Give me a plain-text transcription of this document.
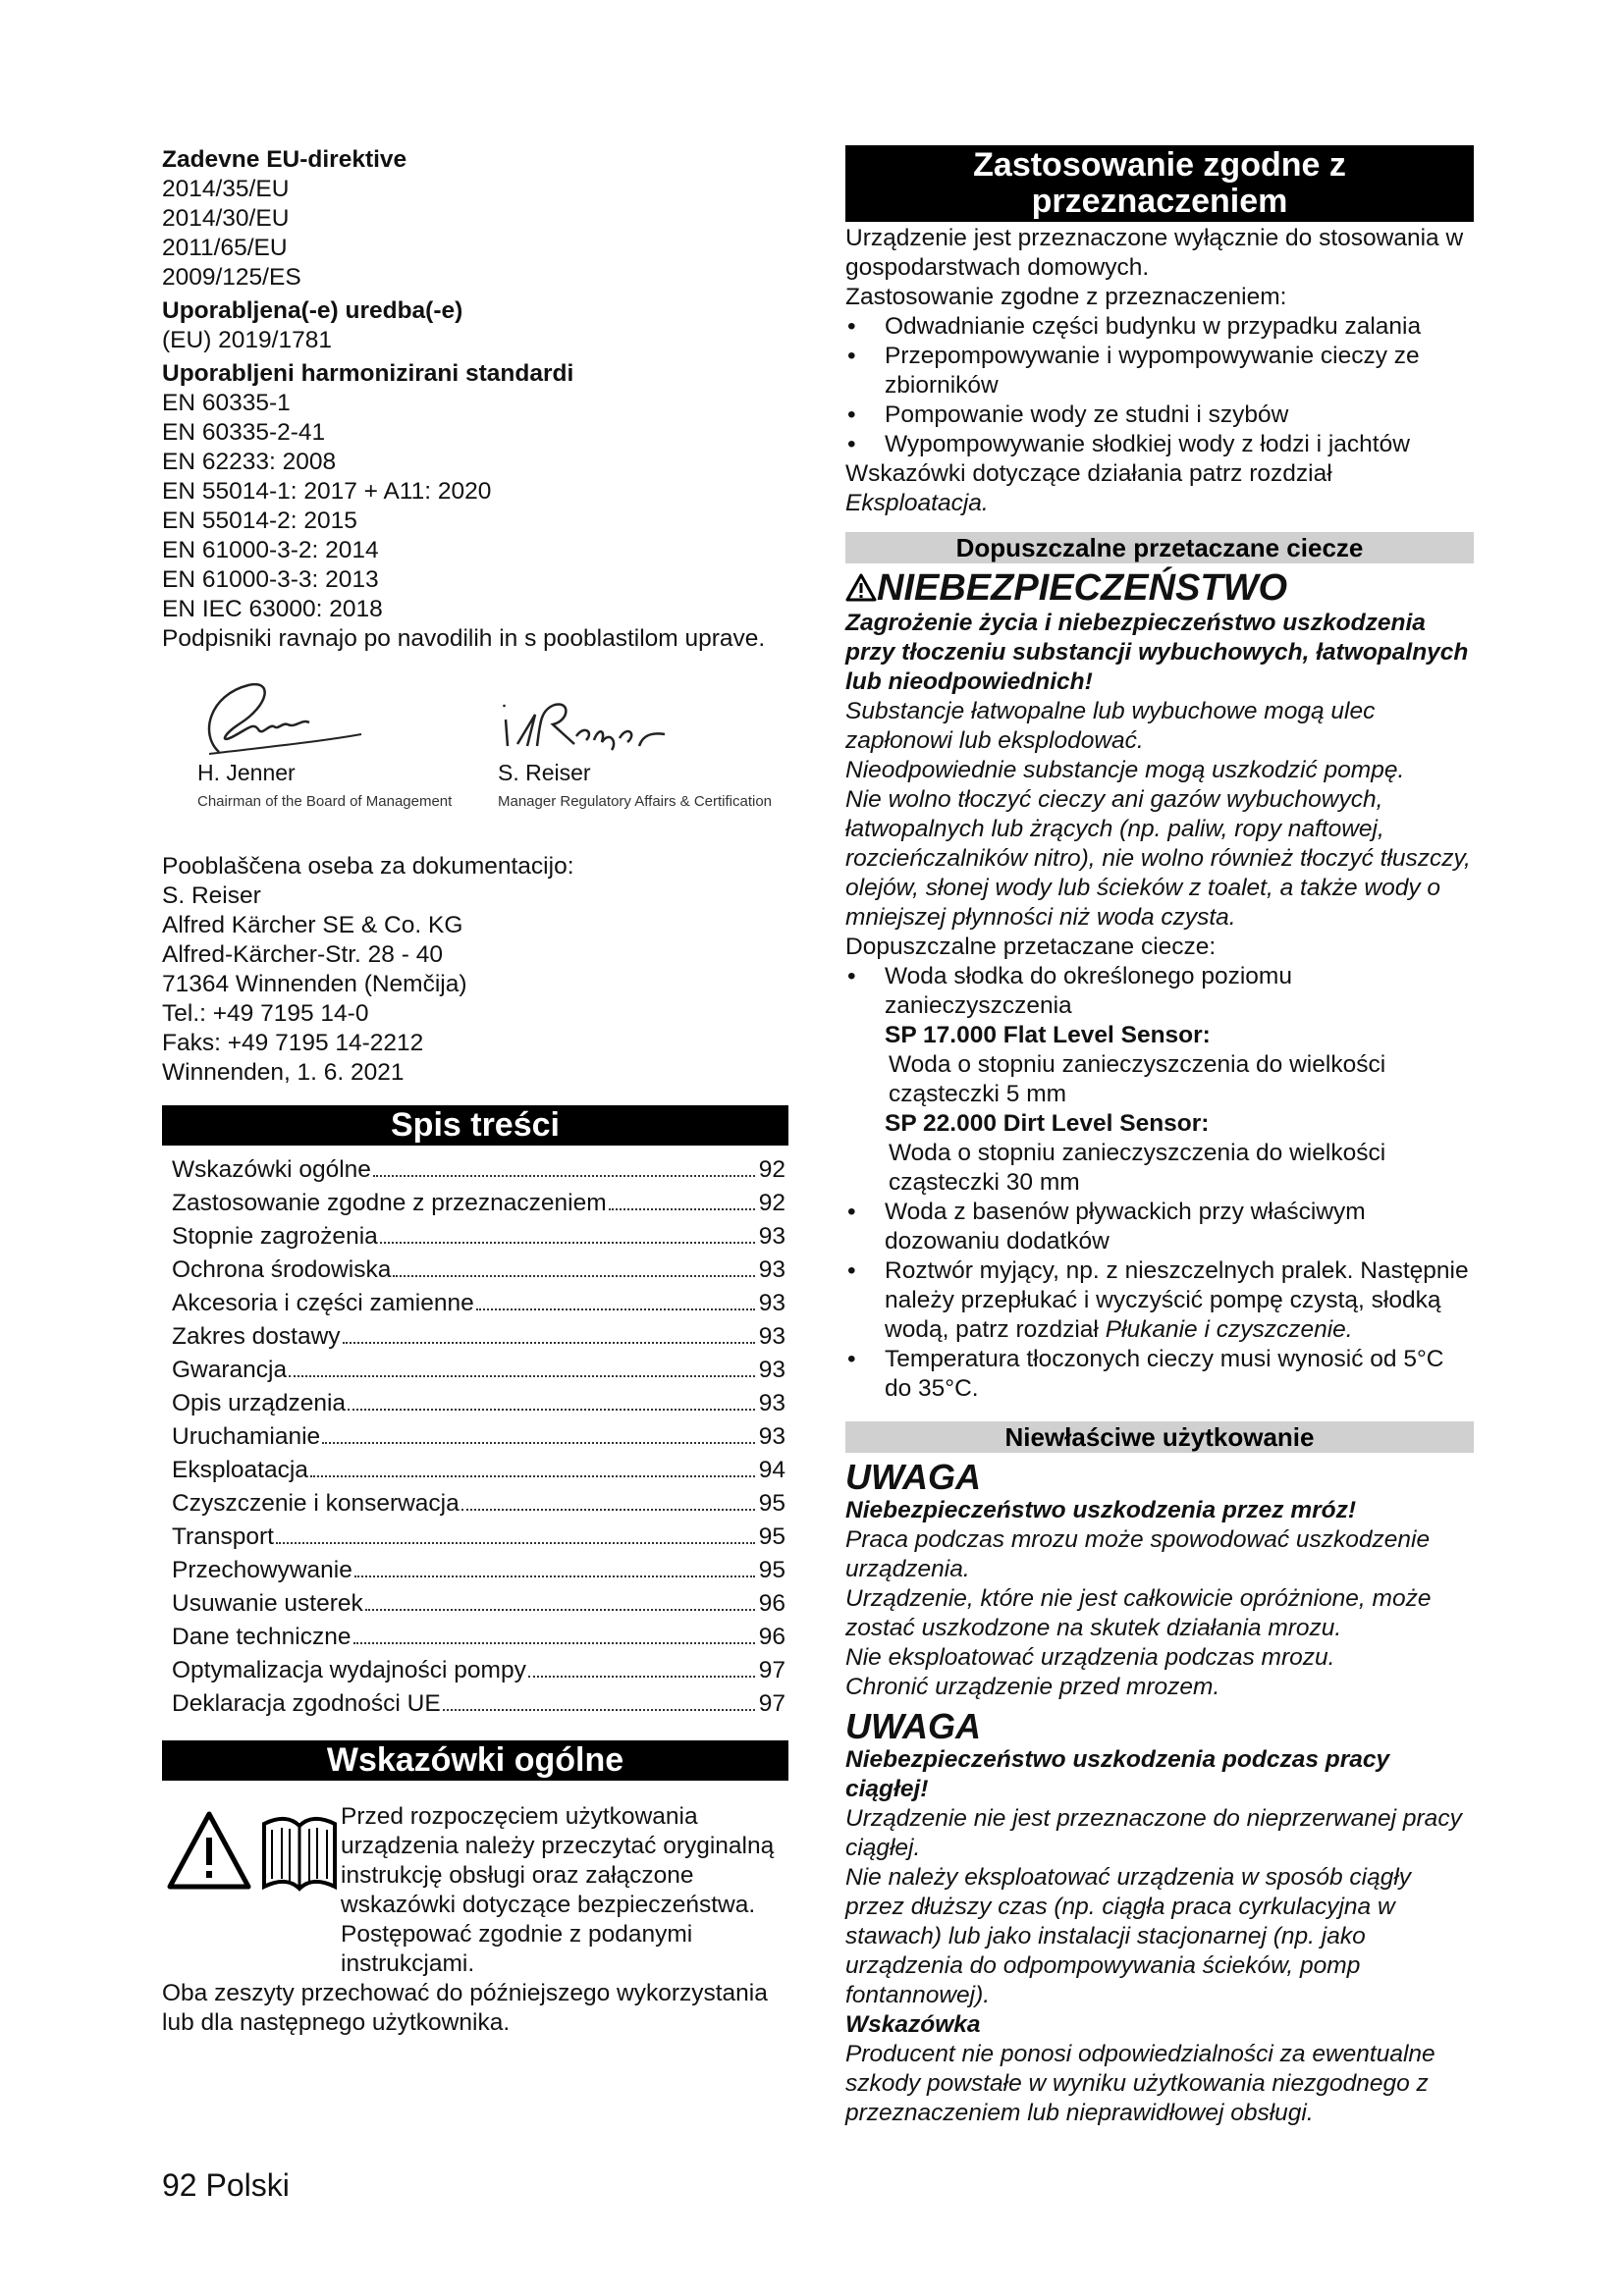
Zadevne EU-direktive

2014/35/EU

2014/30/EU

2011/65/EU

2009/125/ES

Uporabljena(-e) uredba(-e)

(EU) 2019/1781

Uporabljeni harmonizirani standardi

EN 60335-1

EN 60335-2-41

EN 62233: 2008

EN 55014-1: 2017 + A11: 2020

EN 55014-2: 2015

EN 61000-3-2: 2014

EN 61000-3-3: 2013

EN IEC 63000: 2018

Podpisniki ravnajo po navodilih in s pooblastilom uprave.

H. Jenner
Chairman of the Board of Management
S. Reiser
Manager Regulatory Affairs & Certification

Pooblaščena oseba za dokumentacijo:

S. Reiser

Alfred Kärcher SE & Co. KG

Alfred-Kärcher-Str. 28 - 40

71364 Winnenden (Nemčija)

Tel.: +49 7195 14-0

Faks: +49 7195 14-2212

Winnenden, 1. 6. 2021

Spis treści
Wskazówki ogólne	92
Zastosowanie zgodne z przeznaczeniem	92
Stopnie zagrożenia	93
Ochrona środowiska	93
Akcesoria i części zamienne	93
Zakres dostawy	93
Gwarancja	93
Opis urządzenia	93
Uruchamianie	93
Eksploatacja	94
Czyszczenie i konserwacja	95
Transport	95
Przechowywanie	95
Usuwanie usterek	96
Dane techniczne	96
Optymalizacja wydajności pompy	97
Deklaracja zgodności UE	97
Wskazówki ogólne

Przed rozpoczęciem użytkowania urządzenia należy przeczytać oryginalną instrukcję obsługi oraz załączone wskazówki dotyczące bezpieczeństwa. Postępować zgodnie z podanymi instrukcjami.

Oba zeszyty przechować do późniejszego wykorzystania lub dla następnego użytkownika.

Zastosowanie zgodne z przeznaczeniem

Urządzenie jest przeznaczone wyłącznie do stosowania w gospodarstwach domowych.

Zastosowanie zgodne z przeznaczeniem:

• Odwadnianie części budynku w przypadku zalania
• Przepompowywanie i wypompowywanie cieczy ze zbiorników
• Pompowanie wody ze studni i szybów
• Wypompowywanie słodkiej wody z łodzi i jachtów

Wskazówki dotyczące działania patrz rozdział Eksploatacja.

Dopuszczalne przetaczane ciecze
NIEBEZPIECZEŃSTWO

Zagrożenie życia i niebezpieczeństwo uszkodzenia przy tłoczeniu substancji wybuchowych, łatwopalnych lub nieodpowiednich!

Substancje łatwopalne lub wybuchowe mogą ulec zapłonowi lub eksplodować.

Nieodpowiednie substancje mogą uszkodzić pompę.

Nie wolno tłoczyć cieczy ani gazów wybuchowych, łatwopalnych lub żrących (np. paliw, ropy naftowej, rozcieńczalników nitro), nie wolno również tłoczyć tłuszczy, olejów, słonej wody lub ścieków z toalet, a także wody o mniejszej płynności niż woda czysta.

Dopuszczalne przetaczane ciecze:

• Woda słodka do określonego poziomu zanieczyszczenia

SP 17.000 Flat Level Sensor:

Woda o stopniu zanieczyszczenia do wielkości cząsteczki 5 mm

SP 22.000 Dirt Level Sensor:

Woda o stopniu zanieczyszczenia do wielkości cząsteczki 30 mm

• Woda z basenów pływackich przy właściwym dozowaniu dodatków
• Roztwór myjący, np. z nieszczelnych pralek. Następnie należy przepłukać i wyczyścić pompę czystą, słodką wodą, patrz rozdział Płukanie i czyszczenie.
• Temperatura tłoczonych cieczy musi wynosić od 5°C do 35°C.
Niewłaściwe użytkowanie
UWAGA

Niebezpieczeństwo uszkodzenia przez mróz!

Praca podczas mrozu może spowodować uszkodzenie urządzenia.

Urządzenie, które nie jest całkowicie opróżnione, może zostać uszkodzone na skutek działania mrozu.

Nie eksploatować urządzenia podczas mrozu.

Chronić urządzenie przed mrozem.

UWAGA

Niebezpieczeństwo uszkodzenia podczas pracy ciągłej!

Urządzenie nie jest przeznaczone do nieprzerwanej pracy ciągłej.

Nie należy eksploatować urządzenia w sposób ciągły przez dłuższy czas (np. ciągła praca cyrkulacyjna w stawach) lub jako instalacji stacjonarnej (np. jako urządzenia do odpompowywania ścieków, pomp fontannowej).

Wskazówka

Producent nie ponosi odpowiedzialności za ewentualne szkody powstałe w wyniku użytkowania niezgodnego z przeznaczeniem lub nieprawidłowej obsługi.

92 Polski
